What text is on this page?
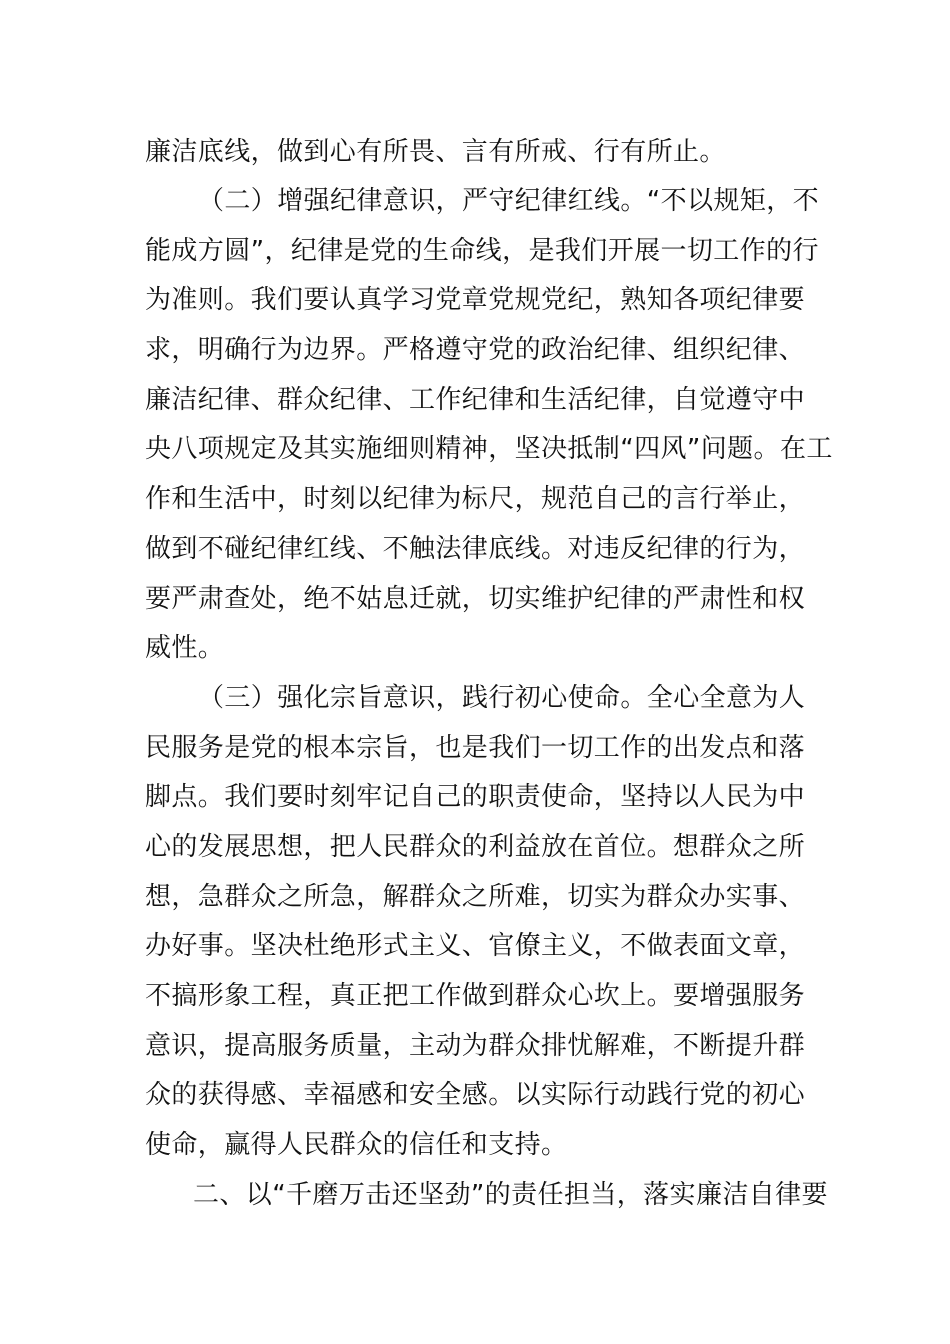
廉洁底线，做到心有所畏、言有所戒、行有所止。
（二）增强纪律意识，严守纪律红线。“不以规矩，不
能成方圆”，纪律是党的生命线，是我们开展一切工作的行
为准则。我们要认真学习党章党规党纪，熟知各项纪律要
求，明确行为边界。严格遵守党的政治纪律、组织纪律、
廉洁纪律、群众纪律、工作纪律和生活纪律，自觉遵守中
央八项规定及其实施细则精神，坚决抵制“四风”问题。在工
作和生活中，时刻以纪律为标尺，规范自己的言行举止，
做到不碰纪律红线、不触法律底线。对违反纪律的行为，
要严肃查处，绝不姑息迁就，切实维护纪律的严肃性和权
威性。
（三）强化宗旨意识，践行初心使命。全心全意为人
民服务是党的根本宗旨，也是我们一切工作的出发点和落
脚点。我们要时刻牢记自己的职责使命，坚持以人民为中
心的发展思想，把人民群众的利益放在首位。想群众之所
想，急群众之所急，解群众之所难，切实为群众办实事、
办好事。坚决杜绝形式主义、官僚主义，不做表面文章，
不搞形象工程，真正把工作做到群众心坎上。要增强服务
意识，提高服务质量，主动为群众排忧解难，不断提升群
众的获得感、幸福感和安全感。以实际行动践行党的初心
使命，赢得人民群众的信任和支持。
二、以“千磨万击还坚劲”的责任担当，落实廉洁自律要
